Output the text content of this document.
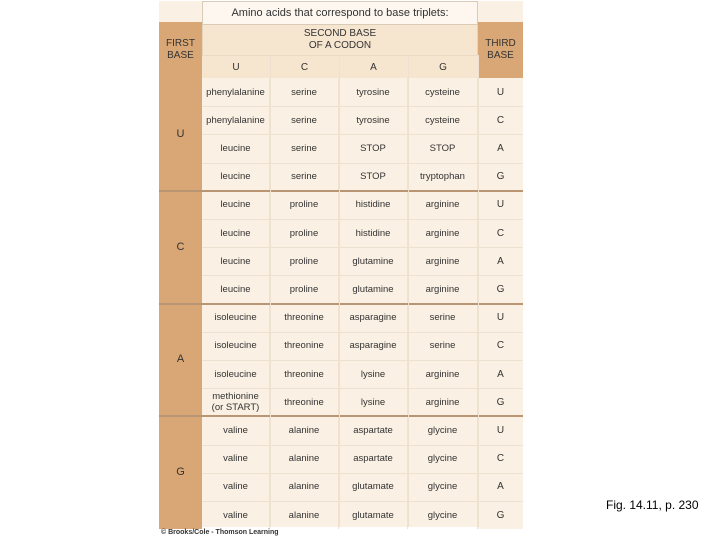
Amino acids that correspond to base triplets:
FIRST
BASE
SECOND BASE
OF A CODON	THIRD
BASE
U	C	A	G
U
phenylalanine	serine	tyrosine	cysteine	U
phenylalanine	serine	tyrosine	cysteine	C
leucine	serine	STOP	STOP	A
leucine	serine	STOP	tryptophan	G
C
leucine	proline	histidine	arginine	U
leucine	proline	histidine	arginine	C
leucine	proline	glutamine	arginine	A
leucine	proline	glutamine	arginine	G
A
isoleucine	threonine	asparagine	serine	U
isoleucine	threonine	asparagine	serine	C
isoleucine	threonine	lysine	arginine	A
methionine
(or START)	threonine	lysine	arginine	G
G
valine	alanine	aspartate	glycine	U
valine	alanine	aspartate	glycine	C
valine	alanine	glutamate	glycine	A
valine	alanine	glutamate	glycine	G
Fig. 14.11, p. 230
© Brooks/Cole - Thomson Learning
